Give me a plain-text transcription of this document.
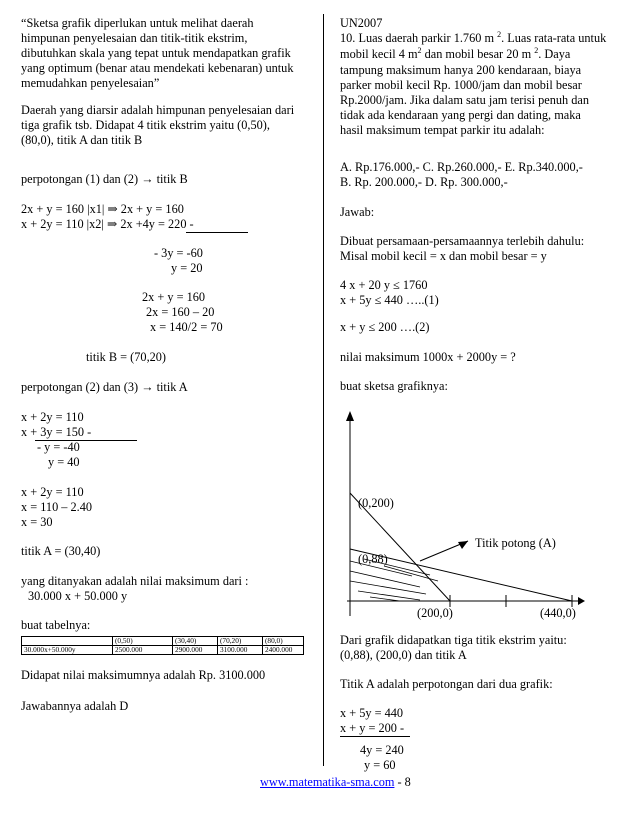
“Sketsa grafik diperlukan untuk melihat daerah
himpunan penyelesaian dan titik-titik ekstrim,
dibutuhkan skala yang tepat untuk mendapatkan grafik
yang optimum (benar atau mendekati kebenaran) untuk
memudahkan penyelesaian”
Daerah yang diarsir adalah himpunan penyelesaian dari
tiga grafik tsb. Didapat 4 titik ekstrim yaitu (0,50),
(80,0), titik A dan titik B
perpotongan (1) dan (2) → titik B
2x + y = 160 |x1| ⇒ 2x + y = 160
x + 2y = 110 |x2| ⇒ 2x +4y = 220 -
- 3y = -60
y = 20
2x + y = 160
2x = 160 – 20
x = 140/2 = 70
titik B = (70,20)
perpotongan (2) dan (3) → titik A
x + 2y = 110
x + 3y = 150 -
- y = -40
y = 40
x + 2y = 110
x = 110 – 2.40
x = 30
titik A = (30,40)
yang ditanyakan adalah nilai maksimum dari :
30.000 x + 50.000 y
buat tabelnya:
	(0,50)	(30,40)	(70,20)	(80,0)
30.000x+50.000y	2500.000	2900.000	3100.000	2400.000
Didapat nilai maksimumnya adalah Rp. 3100.000
Jawabannya adalah D
UN2007
10. Luas daerah parkir 1.760 m $^2$. Luas rata-rata untuk
mobil kecil 4 $m^2$ dan mobil besar 20 m $^2$. Daya
tampung maksimum hanya 200 kendaraan, biaya
parker mobil kecil Rp. 1000/jam dan mobil besar
Rp.2000/jam. Jika dalam satu jam terisi penuh dan
tidak ada kendaraan yang pergi dan dating, maka
hasil maksimum tempat parkir itu adalah:
A. Rp.176.000,- C. Rp.260.000,- E. Rp.340.000,-
B. Rp. 200.000,- D. Rp. 300.000,-
Jawab:
Dibuat persamaan-persamaannya terlebih dahulu:
Misal mobil kecil = x dan mobil besar = y
4 x + 20 y ≤ 1760
x + 5y ≤ 440 …..(1)
x + y ≤ 200 ….(2)
nilai maksimum 1000x + 2000y = ?
buat sketsa grafiknya:
(0,200)
(0,88)
(200,0)	(440,0)
Titik potong (A)
Dari grafik didapatkan tiga titik ekstrim yaitu:
(0,88), (200,0) dan titik A
Titik A adalah perpotongan dari dua grafik:
x + 5y = 440
x + y = 200 -
4y = 240
y = 60
www.matematika-sma.com - 8
